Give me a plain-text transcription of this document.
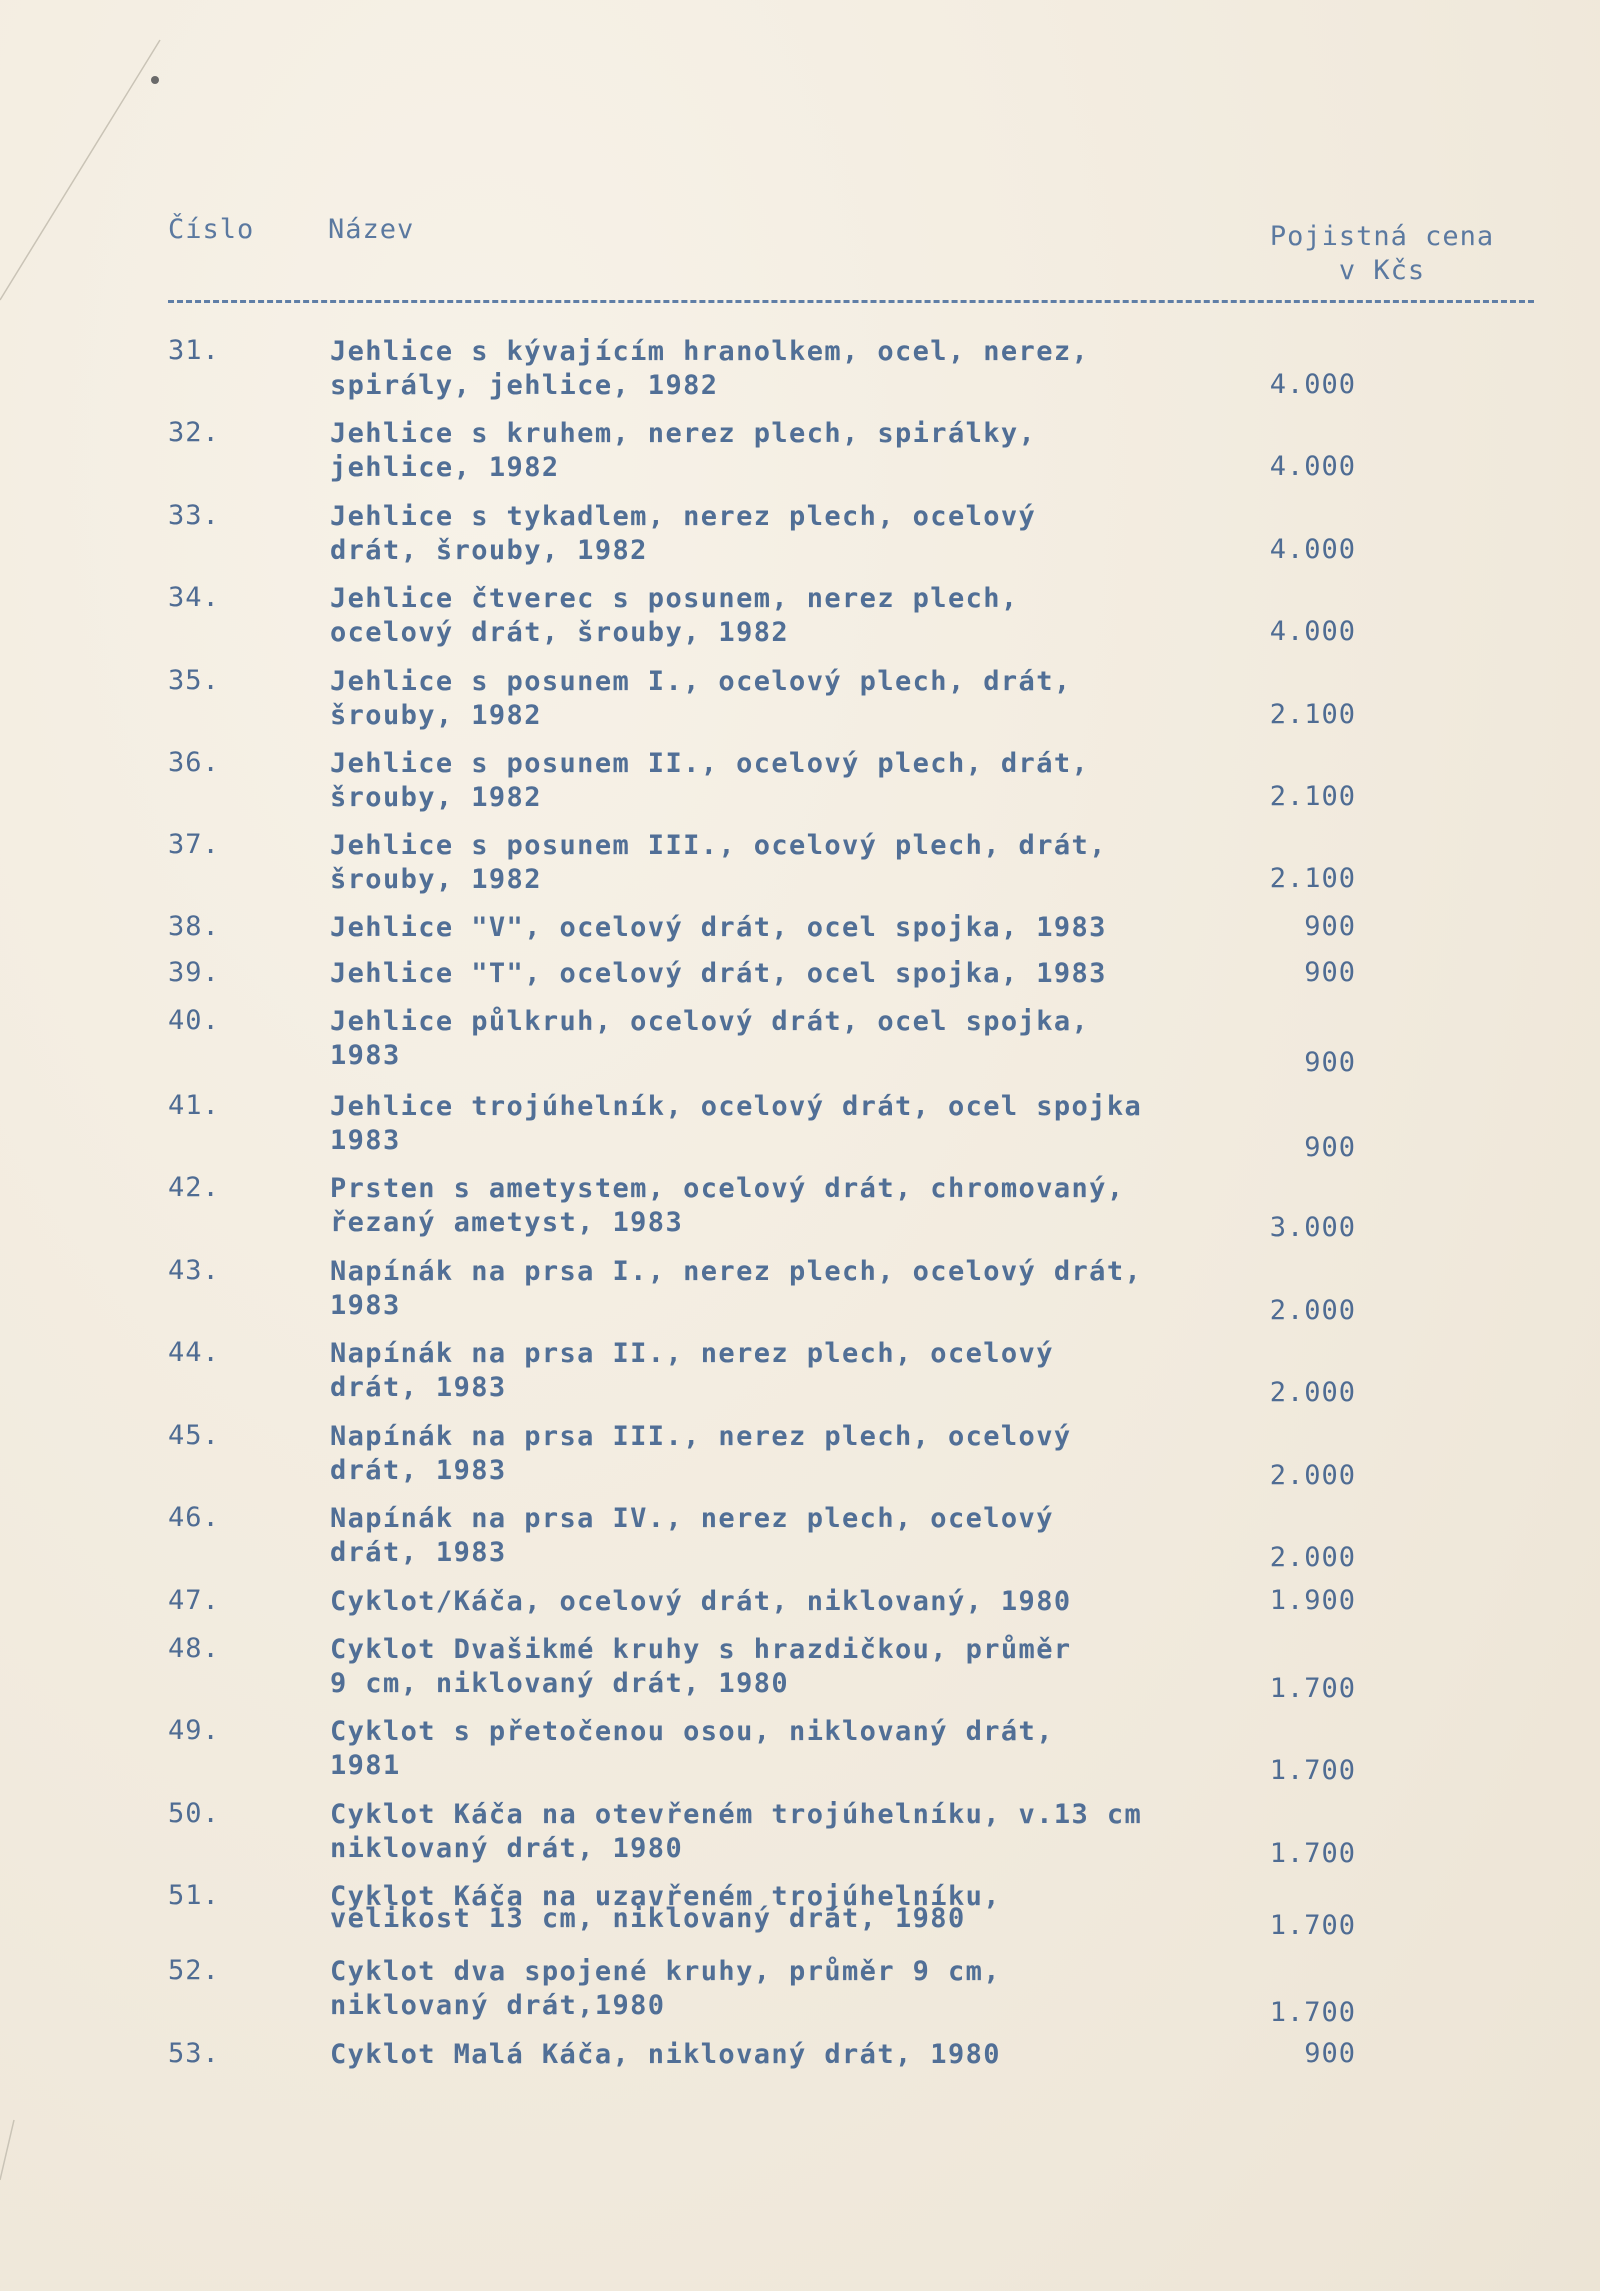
Číslo	Název	Pojistná cena
v Kčs
31.	Jehlice s kývajícím hranolkem, ocel, nerez,
spirály, jehlice, 1982	4.000
32.	Jehlice s kruhem, nerez plech, spirálky,
jehlice, 1982	4.000
33.	Jehlice s tykadlem, nerez plech, ocelový
drát, šrouby, 1982	4.000
34.	Jehlice čtverec s posunem, nerez plech,
ocelový drát, šrouby, 1982	4.000
35.	Jehlice s posunem I., ocelový plech, drát,
šrouby, 1982	2.100
36.	Jehlice s posunem II., ocelový plech, drát,
šrouby, 1982	2.100
37.	Jehlice s posunem III., ocelový plech, drát,
šrouby, 1982	2.100
38.	Jehlice "V", ocelový drát, ocel spojka, 1983	900
39.	Jehlice "T", ocelový drát, ocel spojka, 1983	900
40.	Jehlice půlkruh, ocelový drát, ocel spojka,
1983	900
41.	Jehlice trojúhelník, ocelový drát, ocel spojka
1983	900
42.	Prsten s ametystem, ocelový drát, chromovaný,
řezaný ametyst, 1983	3.000
43.	Napínák na prsa I., nerez plech, ocelový drát,
1983	2.000
44.	Napínák na prsa II., nerez plech, ocelový
drát, 1983	2.000
45.	Napínák na prsa III., nerez plech, ocelový
drát, 1983	2.000
46.	Napínák na prsa IV., nerez plech, ocelový
drát, 1983	2.000
47.	Cyklot/Káča, ocelový drát, niklovaný, 1980	1.900
48.	Cyklot Dvašikmé kruhy s hrazdičkou, průměr
9 cm, niklovaný drát, 1980	1.700
49.	Cyklot s přetočenou osou, niklovaný drát,
1981	1.700
50.	Cyklot Káča na otevřeném trojúhelníku, v.13 cm
niklovaný drát, 1980	1.700
51.	Cyklot Káča na uzavřeném trojúhelníku,
velikost 13 cm, niklovaný drát, 1980	1.700
52.	Cyklot dva spojené kruhy, průměr 9 cm,
niklovaný drát,1980	1.700
53.	Cyklot Malá Káča, niklovaný drát, 1980	900
